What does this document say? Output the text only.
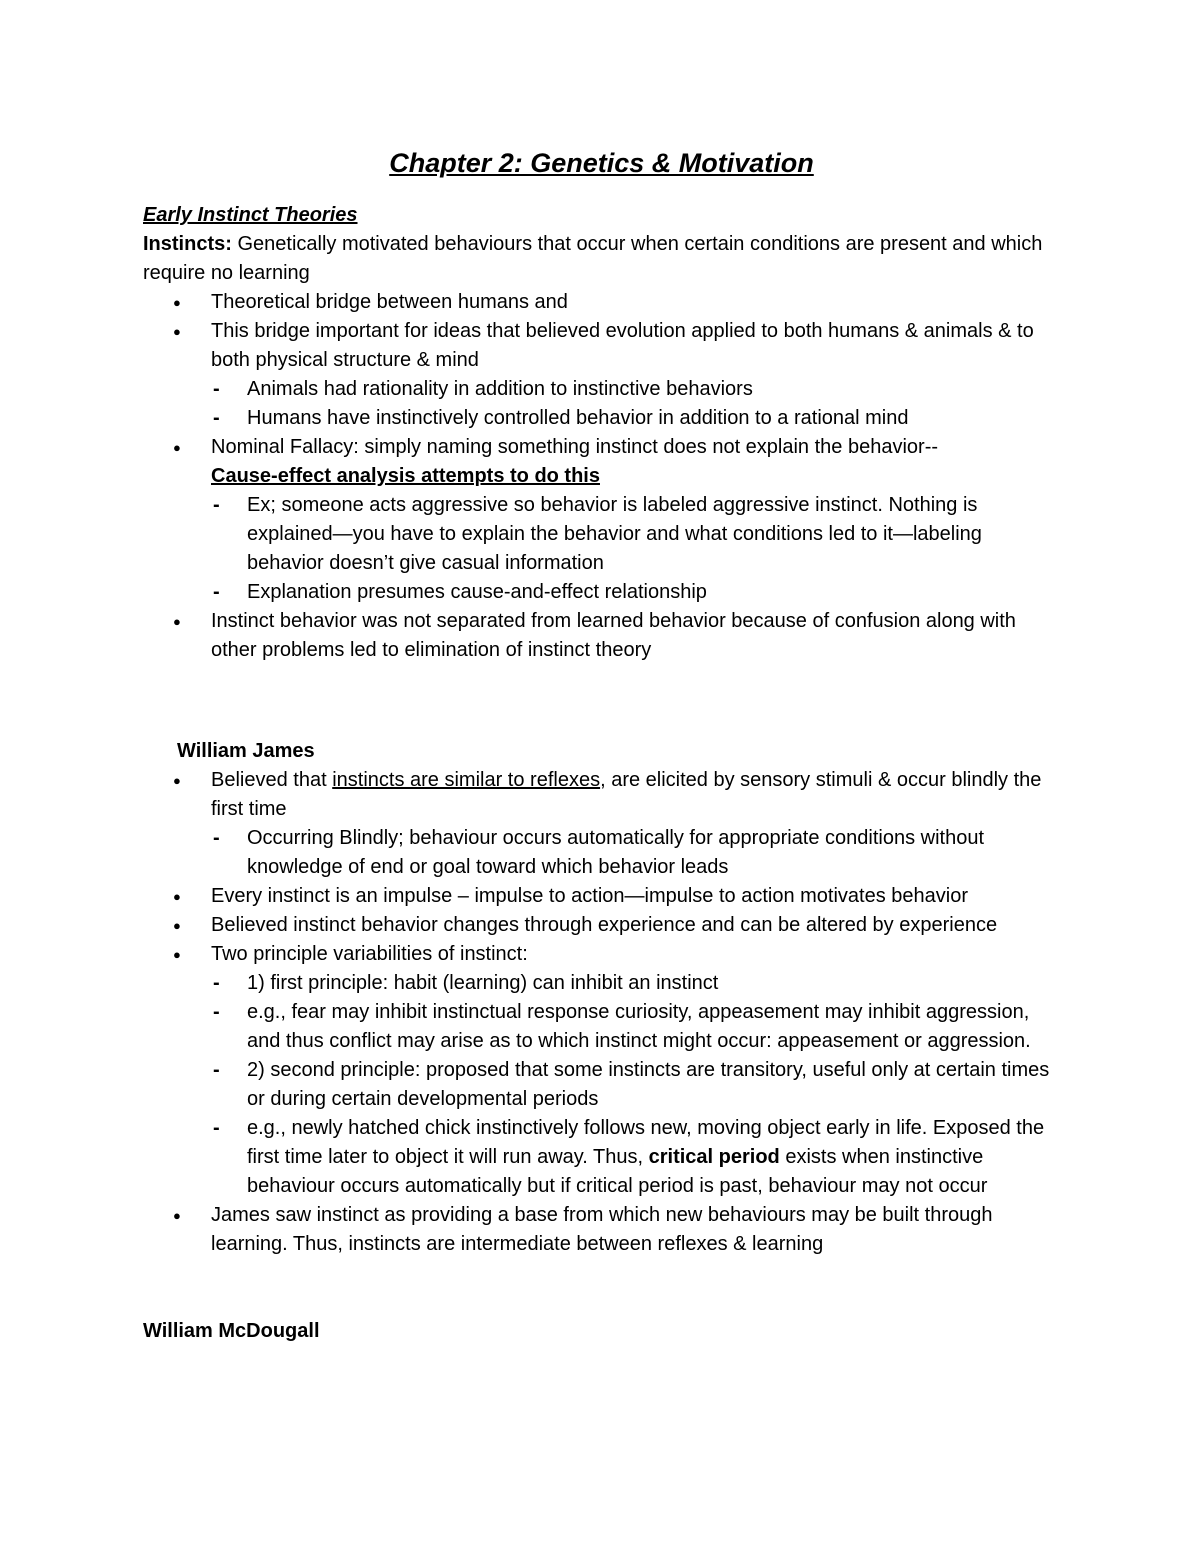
Chapter 2: Genetics & Motivation

Early Instinct Theories

Instincts: Genetically motivated behaviours that occur when certain conditions are present and which require no learning

● Theoretical bridge between humans and
● This bridge important for ideas that believed evolution applied to both humans & animals & to both physical structure & mind
- Animals had rationality in addition to instinctive behaviors
- Humans have instinctively controlled behavior in addition to a rational mind
● Nominal Fallacy: simply naming something instinct does not explain the behavior--
Cause-effect analysis attempts to do this
- Ex; someone acts aggressive so behavior is labeled aggressive instinct. Nothing is explained—you have to explain the behavior and what conditions led to it—labeling behavior doesn’t give casual information
- Explanation presumes cause-and-effect relationship
● Instinct behavior was not separated from learned behavior because of confusion along with other problems led to elimination of instinct theory

William James

● Believed that instincts are similar to reflexes, are elicited by sensory stimuli & occur blindly the first time
- Occurring Blindly; behaviour occurs automatically for appropriate conditions without knowledge of end or goal toward which behavior leads
● Every instinct is an impulse – impulse to action—impulse to action motivates behavior
● Believed instinct behavior changes through experience and can be altered by experience
● Two principle variabilities of instinct:
- 1) first principle: habit (learning) can inhibit an instinct
- e.g., fear may inhibit instinctual response curiosity, appeasement may inhibit aggression, and thus conflict may arise as to which instinct might occur: appeasement or aggression.
- 2) second principle: proposed that some instincts are transitory, useful only at certain times or during certain developmental periods
- e.g., newly hatched chick instinctively follows new, moving object early in life. Exposed the first time later to object it will run away. Thus, critical period exists when instinctive behaviour occurs automatically but if critical period is past, behaviour may not occur
● James saw instinct as providing a base from which new behaviours may be built through learning. Thus, instincts are intermediate between reflexes & learning

William McDougall
